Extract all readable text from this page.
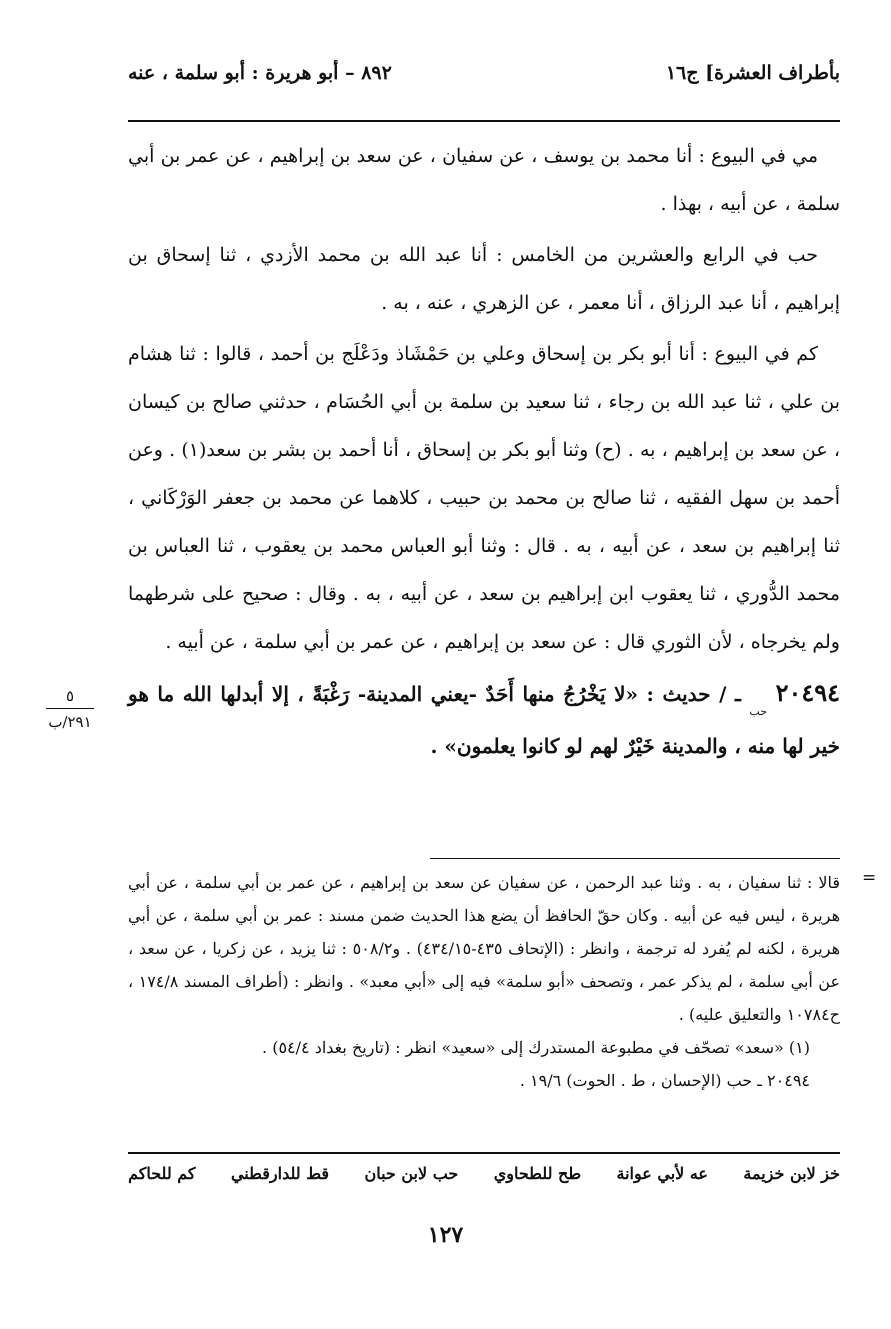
بأطراف العشرة] ج١٦
٨٩٢ – أبو هريرة : أبو سلمة ، عنه

مي في البيوع : أنا محمد بن يوسف ، عن سفيان ، عن سعد بن إبراهيم ، عن عمر بن أبي سلمة ، عن أبيه ، بهذا .

حب في الرابع والعشرين من الخامس : أنا عبد الله بن محمد الأزدي ، ثنا إسحاق بن إبراهيم ، أنا عبد الرزاق ، أنا معمر ، عن الزهري ، عنه ، به .

كم في البيوع : أنا أبو بكر بن إسحاق وعلي بن حَمْشَاذ ودَعْلَج بن أحمد ، قالوا : ثنا هشام بن علي ، ثنا عبد الله بن رجاء ، ثنا سعيد بن سلمة بن أبي الحُسَام ، حدثني صالح بن كيسان ، عن سعد بن إبراهيم ، به . (ح) وثنا أبو بكر بن إسحاق ، أنا أحمد بن بشر بن سعد(١) . وعن أحمد بن سهل الفقيه ، ثنا صالح بن محمد بن حبيب ، كلاهما عن محمد بن جعفر الوَرْكَاني ، ثنا إبراهيم بن سعد ، عن أبيه ، به . قال : وثنا أبو العباس محمد بن يعقوب ، ثنا العباس بن محمد الدُّوري ، ثنا يعقوب ابن إبراهيم بن سعد ، عن أبيه ، به . وقال : صحيح على شرطهما ولم يخرجاه ، لأن الثوري قال : عن سعد بن إبراهيم ، عن عمر بن أبي سلمة ، عن أبيه .

٢٠٤٩٤ $_{حب}$ ـ / حديث : «لا يَخْرُجُ منها أَحَدٌ -يعني المدينة- رَغْبَةً ، إلا أبدلها الله ما هو خير لها منه ، والمدينة خَيْرٌ لهم لو كانوا يعلمون» .

٥
٢٩١/ب
=

قالا : ثنا سفيان ، به . وثنا عبد الرحمن ، عن سفيان عن سعد بن إبراهيم ، عن عمر بن أبي سلمة ، عن أبي هريرة ، ليس فيه عن أبيه . وكان حقّ الحافظ أن يضع هذا الحديث ضمن مسند : عمر بن أبي سلمة ، عن أبي هريرة ، لكنه لم يُفرد له ترجمة ، وانظر : (الإتحاف ٤٣٥-٤٣٤/١٥) . و٥٠٨/٢ : ثنا يزيد ، عن زكريا ، عن سعد ، عن أبي سلمة ، لم يذكر عمر ، وتصحف «أبو سلمة» فيه إلى «أبي معبد» . وانظر : (أطراف المسند ١٧٤/٨ ، ح١٠٧٨٤ والتعليق عليه) .

(١) «سعد» تصحّف في مطبوعة المستدرك إلى «سعيد» انظر : (تاريخ بغداد ٥٤/٤) .

٢٠٤٩٤ ـ حب (الإحسان ، ط . الحوت) ١٩/٦ .

خز لابن خزيمة
عه لأبي عوانة
طح للطحاوي
حب لابن حبان
قط للدارقطني
كم للحاكم
١٢٧
